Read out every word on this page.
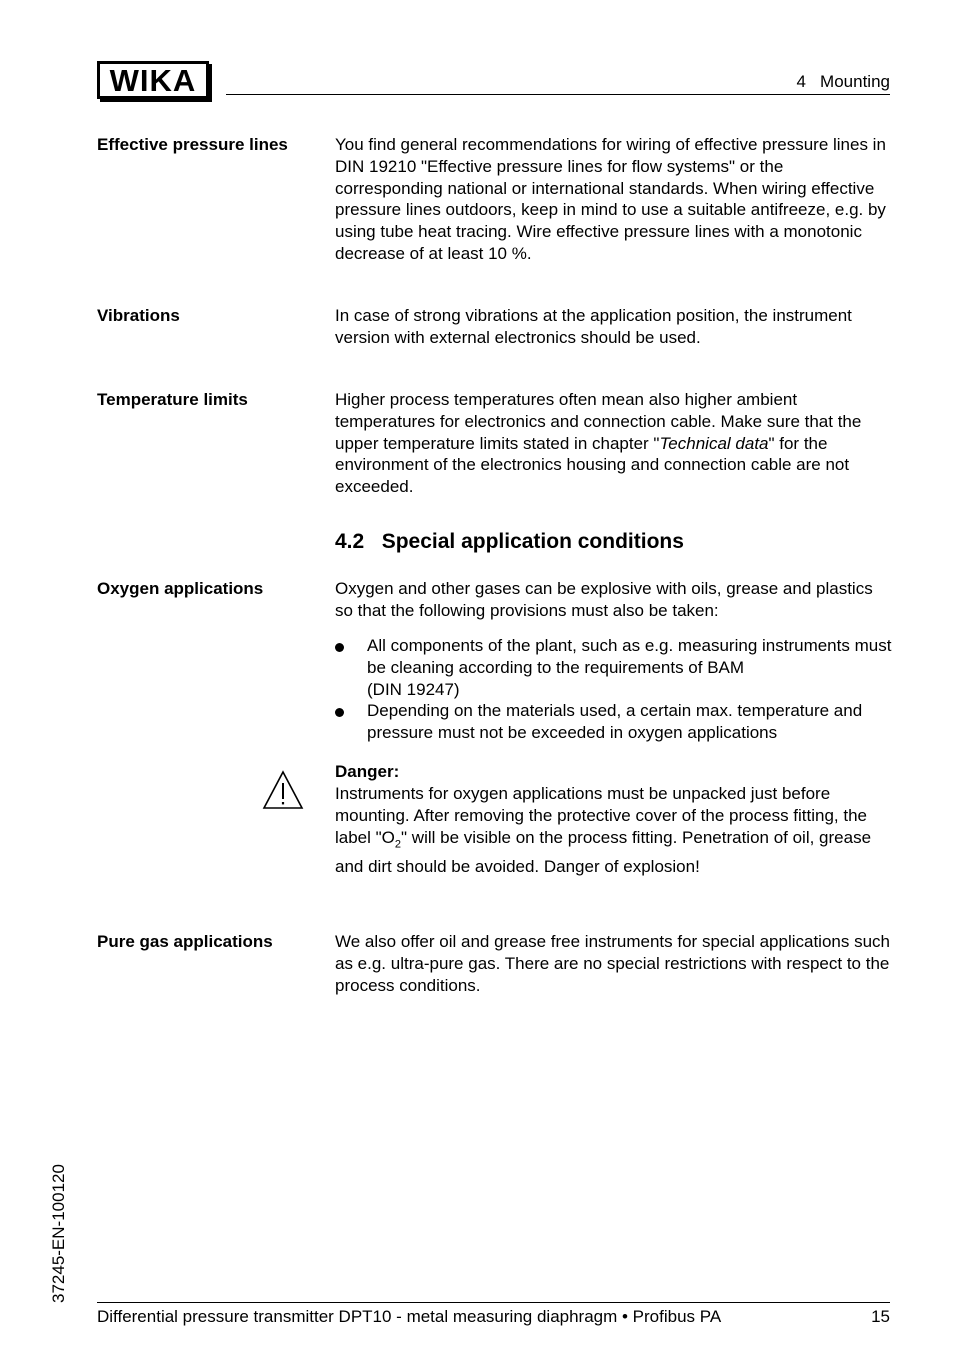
WIKA	4   Mounting
Effective pressure lines	You find general recommendations for wiring of effective pressure lines in DIN 19210 "Effective pressure lines for flow systems" or the corresponding national or international standards. When wiring effective pressure lines outdoors, keep in mind to use a suitable antifreeze, e.g. by using tube heat tracing. Wire effective pressure lines with a monotonic decrease of at least 10 %.
Vibrations	In case of strong vibrations at the application position, the instrument version with external electronics should be used.
Temperature limits	Higher process temperatures often mean also higher ambient temperatures for electronics and connection cable. Make sure that the upper temperature limits stated in chapter "Technical data" for the environment of the electronics housing and connection cable are not exceeded.
4.2   Special application conditions
Oxygen applications	Oxygen and other gases can be explosive with oils, grease and plastics so that the following provisions must also be taken:
All components of the plant, such as e.g. measuring instruments must be cleaning according to the requirements of BAM
(DIN 19247)
Depending on the materials used, a certain max. temperature and pressure must not be exceeded in oxygen applications
Danger:
Instruments for oxygen applications must be unpacked just before mounting. After removing the protective cover of the process fitting, the label "$O_2$" will be visible on the process fitting. Penetration of oil, grease and dirt should be avoided. Danger of explosion!
Pure gas applications	We also offer oil and grease free instruments for special applications such as e.g. ultra-pure gas. There are no special restrictions with respect to the process conditions.
37245-EN-100120
Differential pressure transmitter DPT10 - metal measuring diaphragm • Profibus PA	15
